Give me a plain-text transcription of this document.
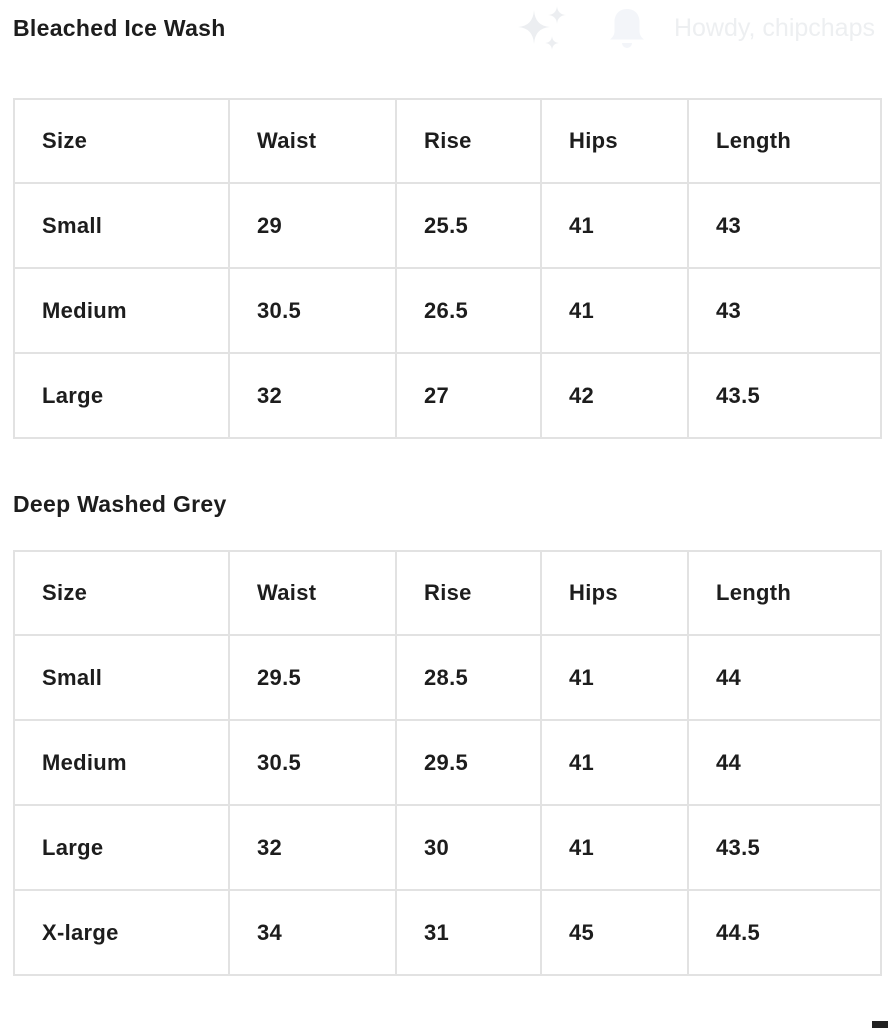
Bleached Ice Wash	Howdy, chipchaps
Size	Waist	Rise	Hips	Length
Small	29	25.5	41	43
Medium	30.5	26.5	41	43
Large	32	27	42	43.5
Deep Washed Grey
Size	Waist	Rise	Hips	Length
Small	29.5	28.5	41	44
Medium	30.5	29.5	41	44
Large	32	30	41	43.5
X-large	34	31	45	44.5
